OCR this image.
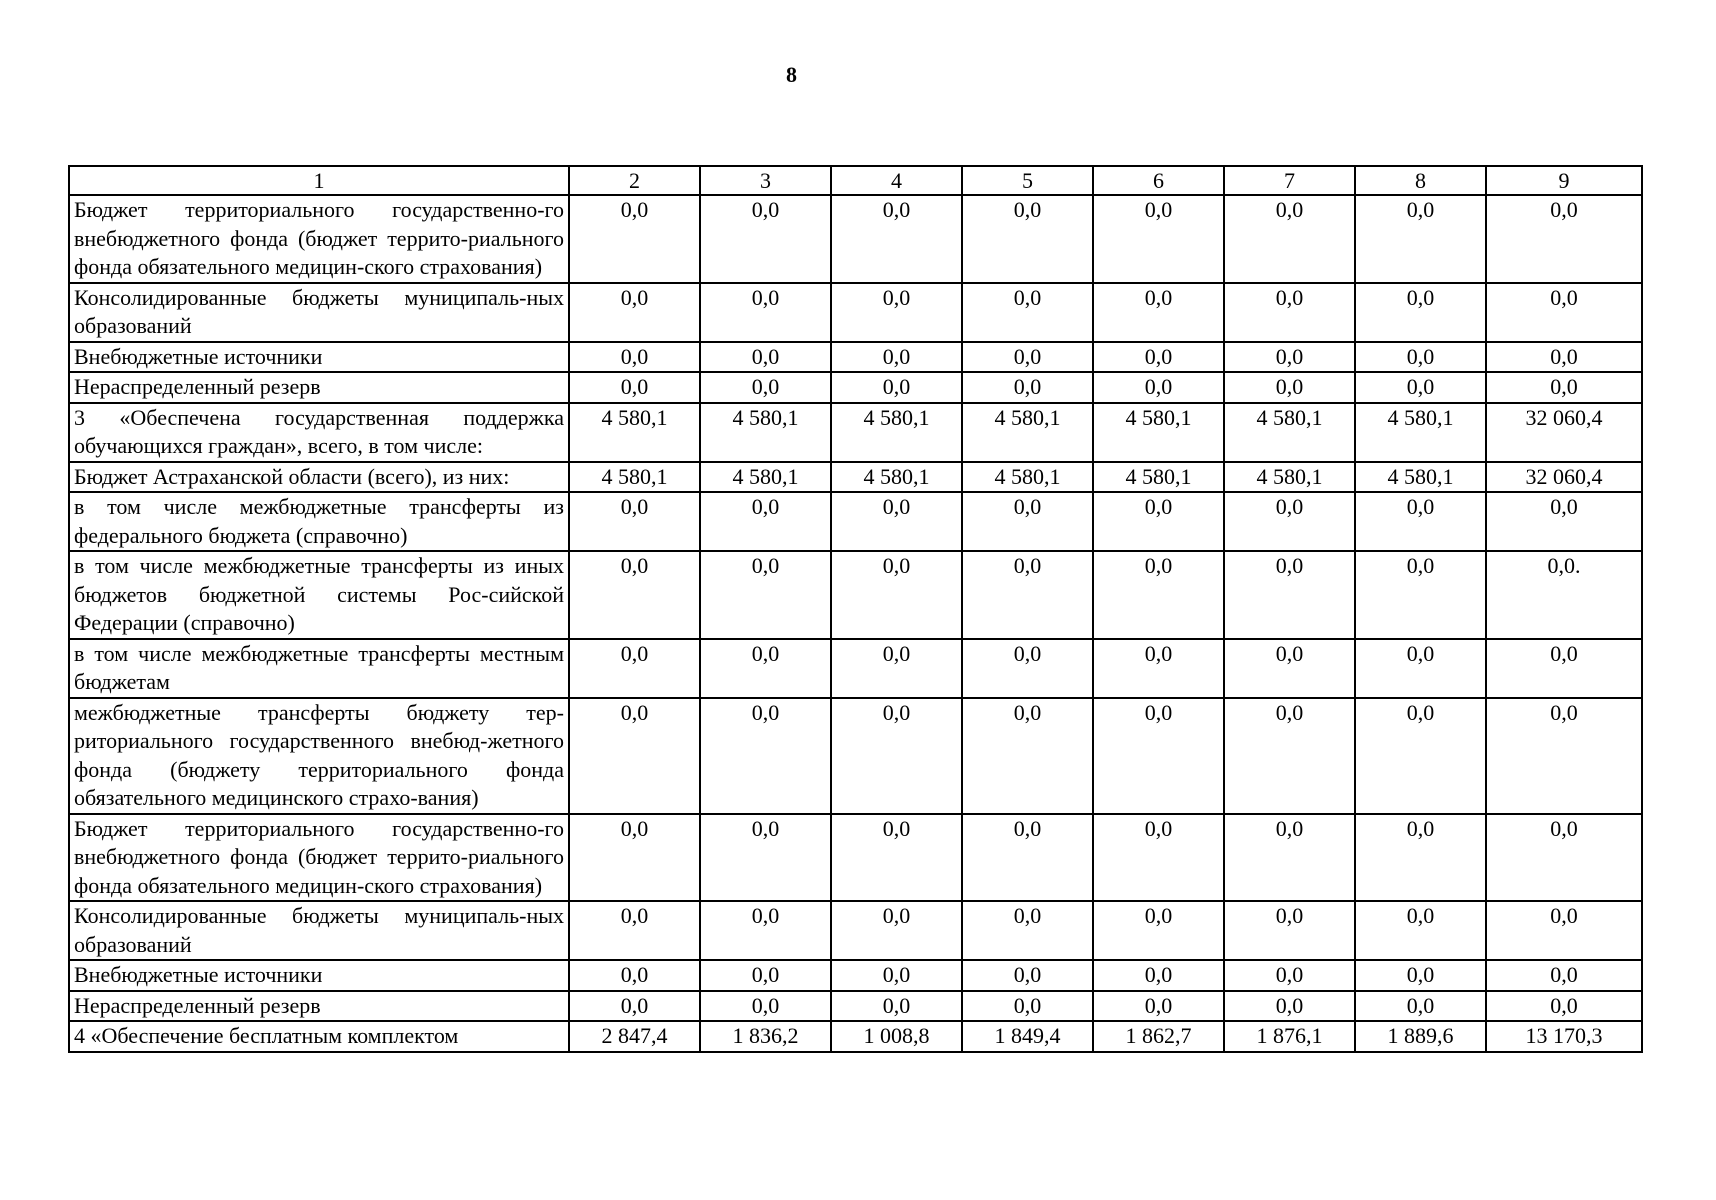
8
1	2	3	4	5	6	7	8	9
Бюджет территориального государственно-го внебюджетного фонда (бюджет террито-риального фонда обязательного медицин-ского страхования)	0,0	0,0	0,0	0,0	0,0	0,0	0,0	0,0
Консолидированные бюджеты муниципаль-ных образований	0,0	0,0	0,0	0,0	0,0	0,0	0,0	0,0
Внебюджетные источники	0,0	0,0	0,0	0,0	0,0	0,0	0,0	0,0
Нераспределенный резерв	0,0	0,0	0,0	0,0	0,0	0,0	0,0	0,0
3 «Обеспечена государственная поддержка обучающихся граждан», всего, в том числе:	4 580,1	4 580,1	4 580,1	4 580,1	4 580,1	4 580,1	4 580,1	32 060,4
Бюджет Астраханской области (всего), из них:	4 580,1	4 580,1	4 580,1	4 580,1	4 580,1	4 580,1	4 580,1	32 060,4
в том числе межбюджетные трансферты из федерального бюджета (справочно)	0,0	0,0	0,0	0,0	0,0	0,0	0,0	0,0
в том числе межбюджетные трансферты из иных бюджетов бюджетной системы Рос-сийской Федерации (справочно)	0,0	0,0	0,0	0,0	0,0	0,0	0,0	0,0.
в том числе межбюджетные трансферты местным бюджетам	0,0	0,0	0,0	0,0	0,0	0,0	0,0	0,0
межбюджетные трансферты бюджету тер-риториального государственного внебюд-жетного фонда (бюджету территориального фонда обязательного медицинского страхо-вания)	0,0	0,0	0,0	0,0	0,0	0,0	0,0	0,0
Бюджет территориального государственно-го внебюджетного фонда (бюджет террито-риального фонда обязательного медицин-ского страхования)	0,0	0,0	0,0	0,0	0,0	0,0	0,0	0,0
Консолидированные бюджеты муниципаль-ных образований	0,0	0,0	0,0	0,0	0,0	0,0	0,0	0,0
Внебюджетные источники	0,0	0,0	0,0	0,0	0,0	0,0	0,0	0,0
Нераспределенный резерв	0,0	0,0	0,0	0,0	0,0	0,0	0,0	0,0
4 «Обеспечение бесплатным комплектом	2 847,4	1 836,2	1 008,8	1 849,4	1 862,7	1 876,1	1 889,6	13 170,3
